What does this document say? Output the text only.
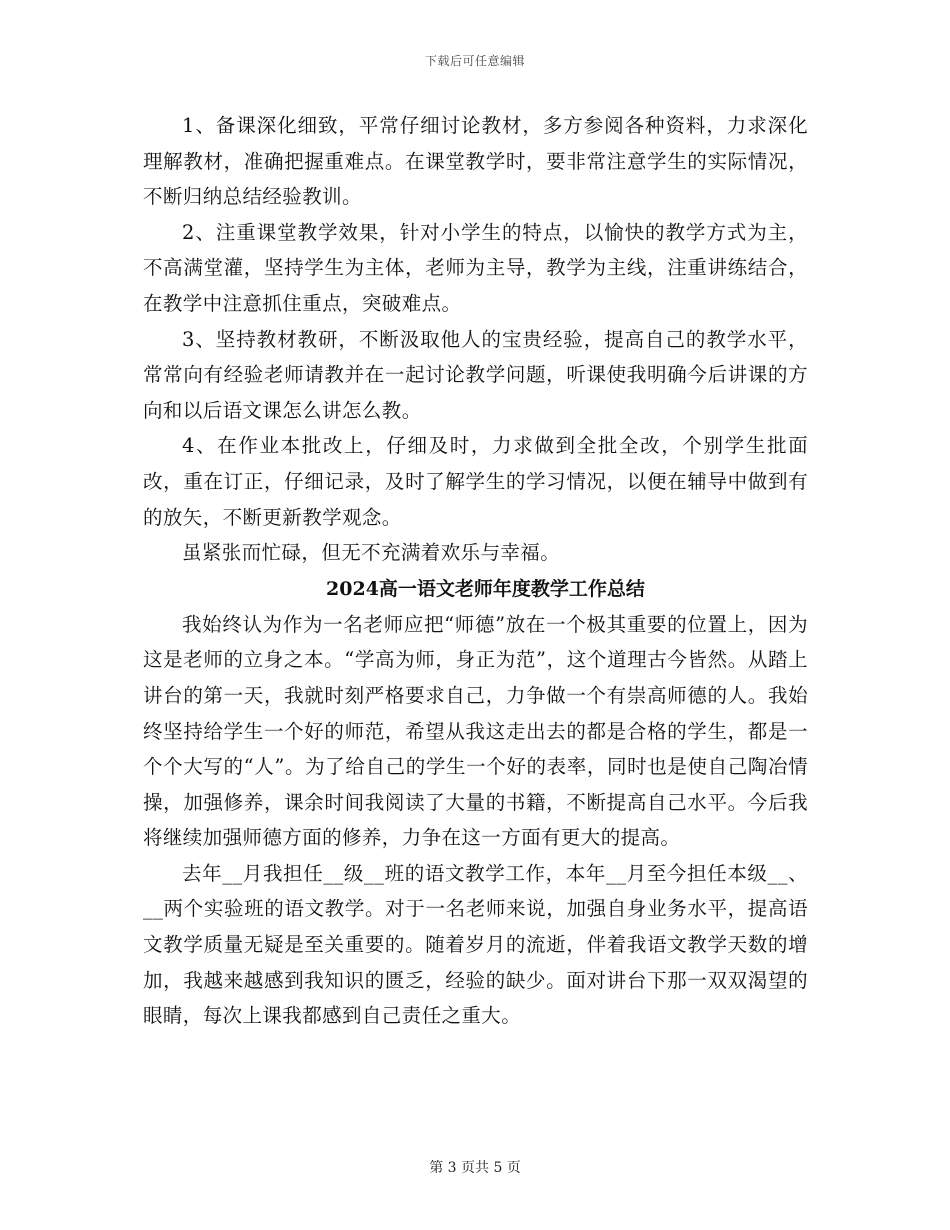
下载后可任意编辑

1、备课深化细致，平常仔细讨论教材，多方参阅各种资料，力求深化理解教材，准确把握重难点。在课堂教学时，要非常注意学生的实际情况，不断归纳总结经验教训。

2、注重课堂教学效果，针对小学生的特点，以愉快的教学方式为主，不高满堂灌，坚持学生为主体，老师为主导，教学为主线，注重讲练结合，在教学中注意抓住重点，突破难点。

3、坚持教材教研，不断汲取他人的宝贵经验，提高自己的教学水平，常常向有经验老师请教并在一起讨论教学问题，听课使我明确今后讲课的方向和以后语文课怎么讲怎么教。

4、在作业本批改上，仔细及时，力求做到全批全改，个别学生批面改，重在订正，仔细记录，及时了解学生的学习情况，以便在辅导中做到有的放矢，不断更新教学观念。

虽紧张而忙碌，但无不充满着欢乐与幸福。

2024高一语文老师年度教学工作总结

我始终认为作为一名老师应把“师德”放在一个极其重要的位置上，因为这是老师的立身之本。“学高为师，身正为范”，这个道理古今皆然。从踏上讲台的第一天，我就时刻严格要求自己，力争做一个有崇高师德的人。我始终坚持给学生一个好的师范，希望从我这走出去的都是合格的学生，都是一个个大写的“人”。为了给自己的学生一个好的表率，同时也是使自己陶冶情操，加强修养，课余时间我阅读了大量的书籍，不断提高自己水平。今后我将继续加强师德方面的修养，力争在这一方面有更大的提高。

去年__月我担任__级__班的语文教学工作，本年__月至今担任本级__、__两个实验班的语文教学。对于一名老师来说，加强自身业务水平，提高语文教学质量无疑是至关重要的。随着岁月的流逝，伴着我语文教学天数的增加，我越来越感到我知识的匮乏，经验的缺少。面对讲台下那一双双渴望的眼睛，每次上课我都感到自己责任之重大。

第 3 页共 5 页
